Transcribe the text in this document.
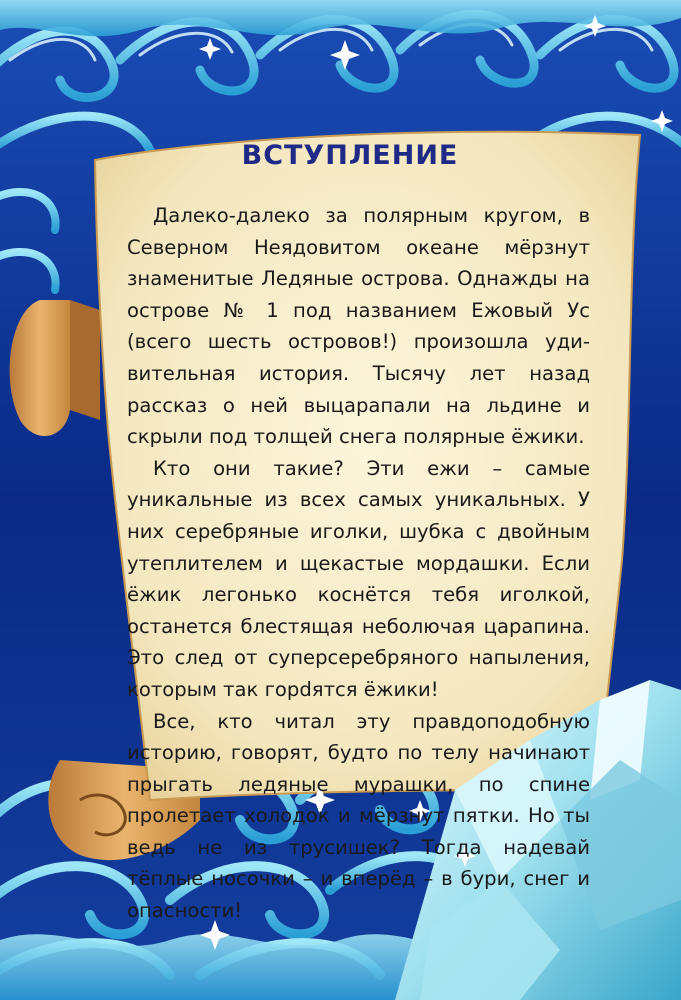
ВСТУПЛЕНИЕ

Далеко-далеко за полярным кругом, в Северном Неядовитом океане мёрзнут знаменитые Ледяные острова. Однажды на острове № 1 под названием Ежовый Ус (всего шесть островов!) произошла удивительная история. Тысячу лет назад рассказ о ней выцарапали на льдине и скрыли под толщей снега полярные ёжики.

Кто они такие? Эти ежи – самые уникальные из всех самых уникальных. У них серебряные иголки, шубка с двойным утеплителем и щекастые мордашки. Если ёжик легонько коснётся тебя иголкой, останется блестящая неболючая царапина. Это след от суперсеребряного напыления, которым так горdятся ёжики!

Все, кто читал эту правдоподобную историю, говорят, будто по телу начинают прыгать ледяные мурашки, по спине пролетает холодок и мёрзнут пятки. Но ты ведь не из трусишек? Тогда надевай тёплые носочки – и вперёд – в бури, снег и опасности!
